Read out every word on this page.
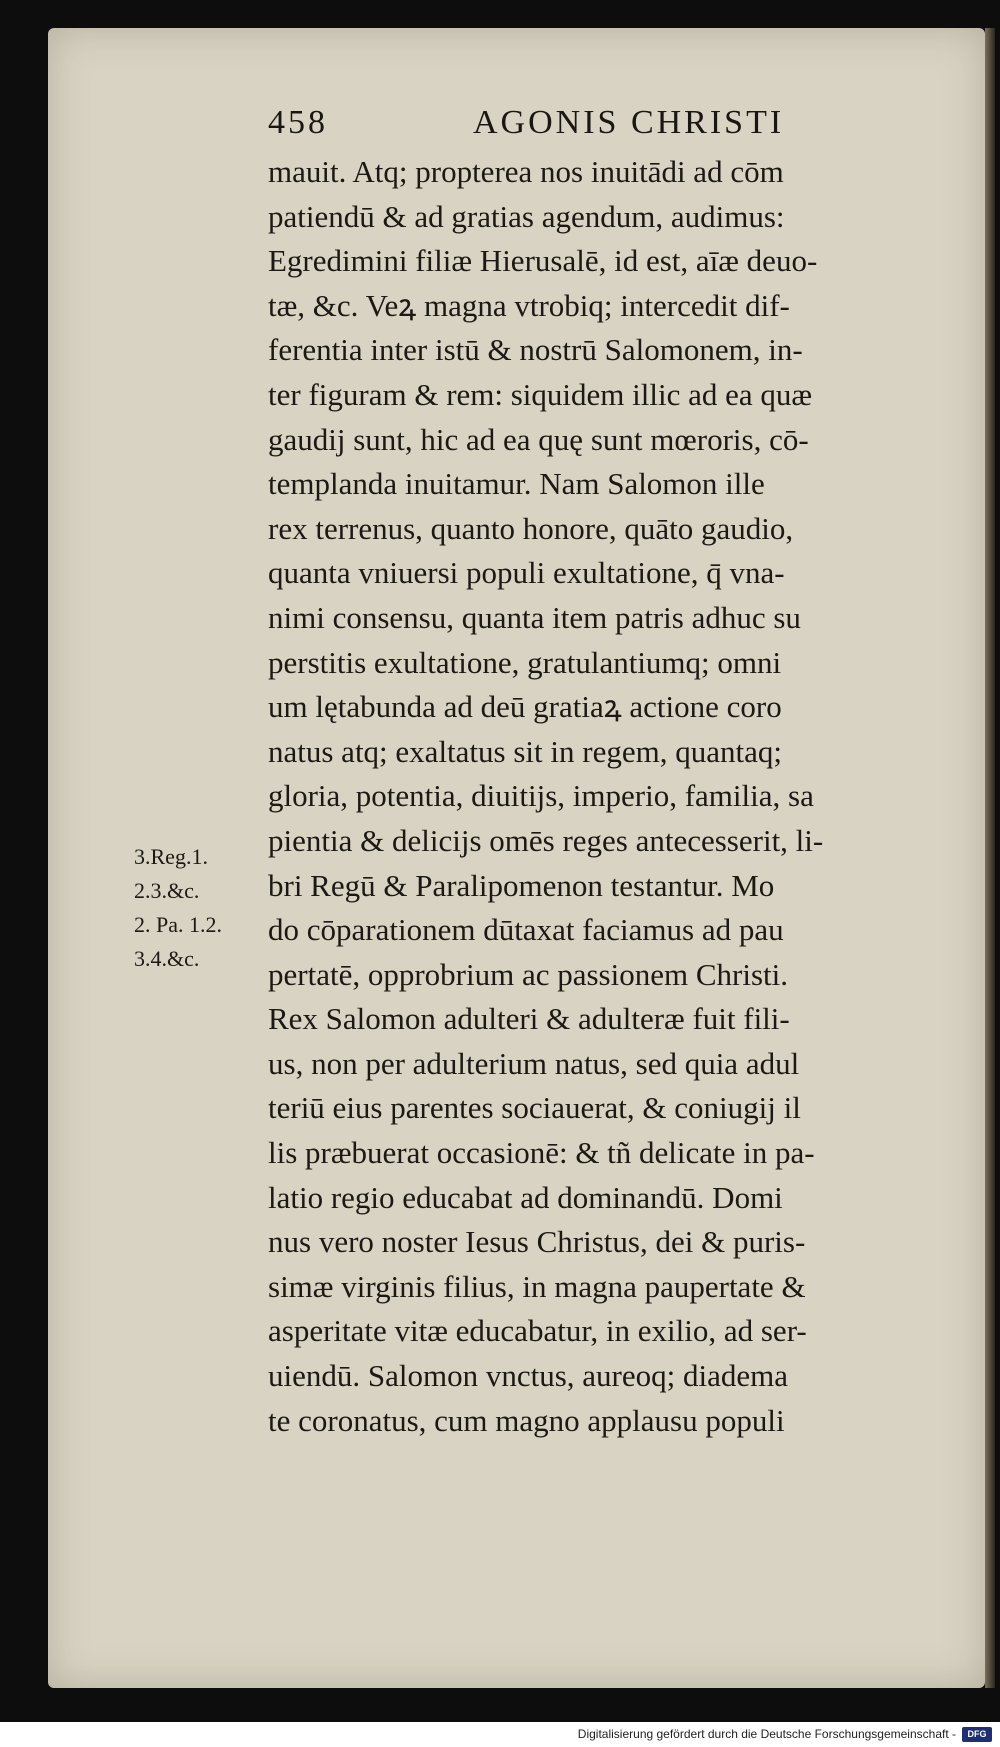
458	AGONIS CHRISTI
mauit. Atq; propterea nos inuitādi ad cōm
patiendū & ad gratias agendum, audimus:
Egredimini filiæ Hierusalē, id est, aīæ deuo-
tæ, &c. Veꝝ magna vtrobiq; intercedit dif-
ferentia inter istū & nostrū Salomonem, in-
ter figuram & rem: siquidem illic ad ea quæ
gaudij sunt, hic ad ea quę sunt mœroris, cō-
templanda inuitamur. Nam Salomon ille
rex terrenus, quanto honore, quāto gaudio,
quanta vniuersi populi exultatione, q̄ vna-
nimi consensu, quanta item patris adhuc su
perstitis exultatione, gratulantiumq; omni
um lętabunda ad deū gratiaꝝ actione coro
natus atq; exaltatus sit in regem, quantaq;
gloria, potentia, diuitijs, imperio, familia, sa
pientia & delicijs omēs reges antecesserit, li-
bri Regū & Paralipomenon testantur. Mo
do cōparationem dūtaxat faciamus ad pau
pertatē, opprobrium ac passionem Christi.
Rex Salomon adulteri & adulteræ fuit fili-
us, non per adulterium natus, sed quia adul
teriū eius parentes sociauerat, & coniugij il
lis præbuerat occasionē: & tñ delicate in pa-
latio regio educabat ad dominandū. Domi
nus vero noster Iesus Christus, dei & puris-
simæ virginis filius, in magna paupertate &
asperitate vitæ educabatur, in exilio, ad ser-
uiendū. Salomon vnctus, aureoq; diadema
te coronatus, cum magno applausu populi
3.Reg.1.
2.3.&c.
2. Pa. 1.2.
3.4.&c.
Digitalisierung gefördert durch die Deutsche Forschungsgemeinschaft -	DFG
